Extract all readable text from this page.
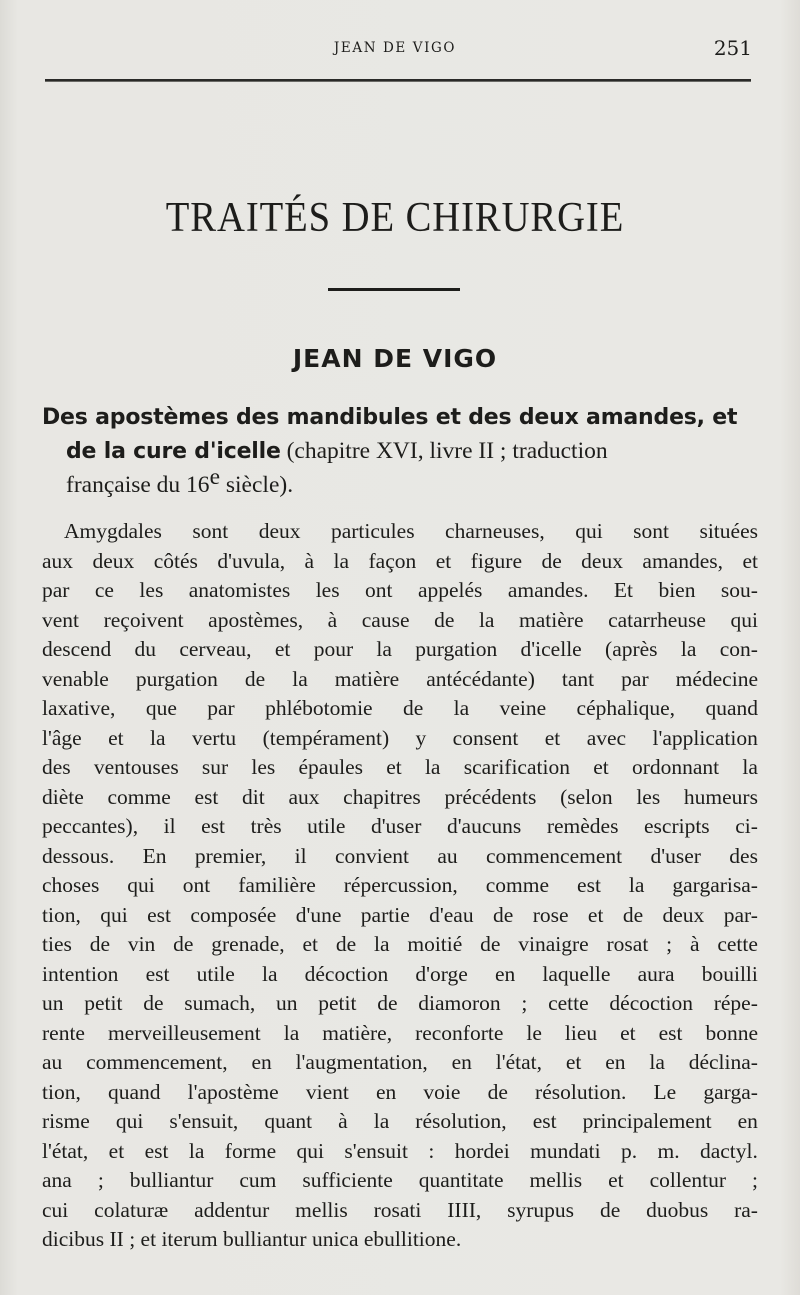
JEAN DE VIGO	251
TRAITÉS DE CHIRURGIE
JEAN DE VIGO
Des apostèmes des mandibules et des deux amandes, et
de la cure d'icelle (chapitre XVI, livre II ; traduction
française du 16e siècle).
Amygdales sont deux particules charneuses, qui sont situées
aux deux côtés d'uvula, à la façon et figure de deux amandes, et
par ce les anatomistes les ont appelés amandes. Et bien sou-
vent reçoivent apostèmes, à cause de la matière catarrheuse qui
descend du cerveau, et pour la purgation d'icelle (après la con-
venable purgation de la matière antécédante) tant par médecine
laxative, que par phlébotomie de la veine céphalique, quand
l'âge et la vertu (tempérament) y consent et avec l'application
des ventouses sur les épaules et la scarification et ordonnant la
diète comme est dit aux chapitres précédents (selon les humeurs
peccantes), il est très utile d'user d'aucuns remèdes escripts ci-
dessous. En premier, il convient au commencement d'user des
choses qui ont familière répercussion, comme est la gargarisa-
tion, qui est composée d'une partie d'eau de rose et de deux par-
ties de vin de grenade, et de la moitié de vinaigre rosat ; à cette
intention est utile la décoction d'orge en laquelle aura bouilli
un petit de sumach, un petit de diamoron ; cette décoction répe-
rente merveilleusement la matière, reconforte le lieu et est bonne
au commencement, en l'augmentation, en l'état, et en la déclina-
tion, quand l'apostème vient en voie de résolution. Le garga-
risme qui s'ensuit, quant à la résolution, est principalement en
l'état, et est la forme qui s'ensuit : hordei mundati p. m. dactyl.
ana ; bulliantur cum sufficiente quantitate mellis et collentur ;
cui colaturæ addentur mellis rosati IIII, syrupus de duobus ra-
dicibus II ; et iterum bulliantur unica ebullitione.
